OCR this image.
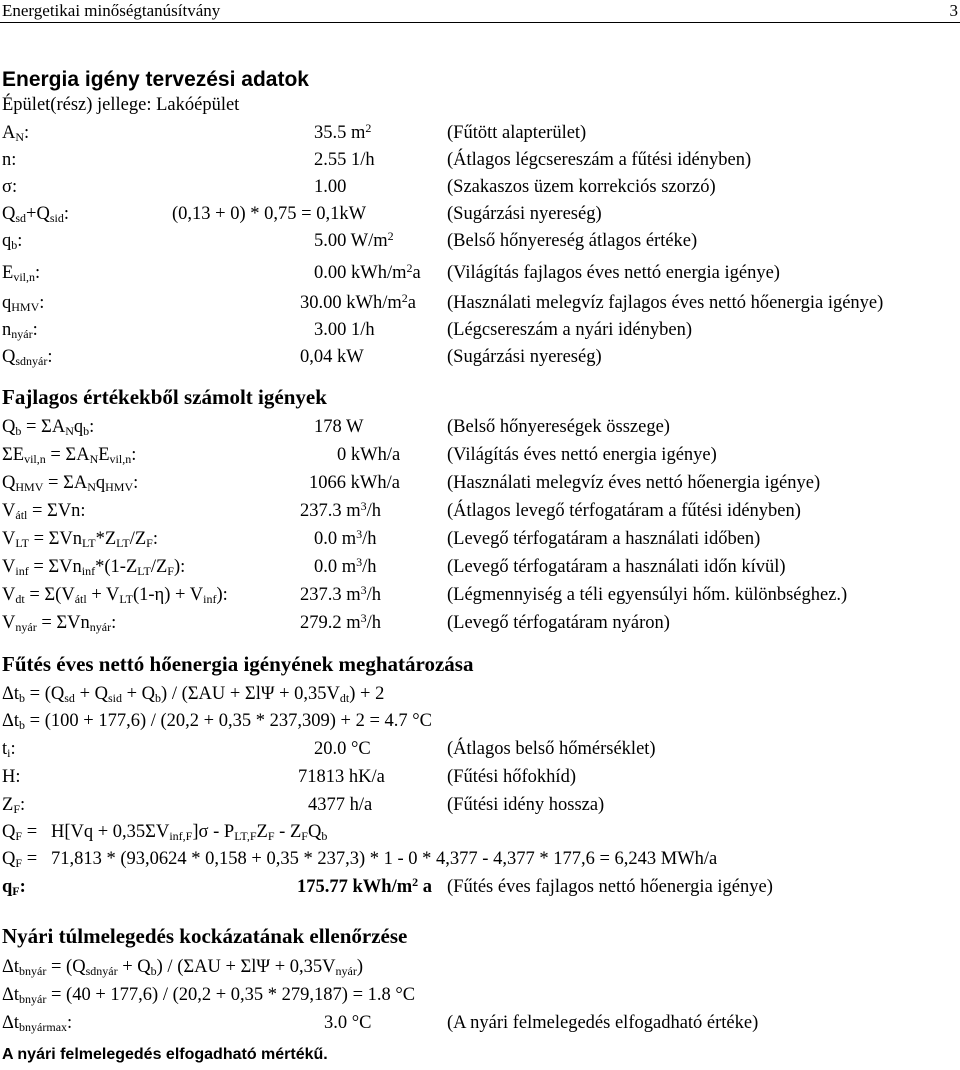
Energetikai minőségtanúsítvány	3
Energia igény tervezési adatok
Épület(rész) jellege: Lakóépület
$A_N$:	35.5 $m^2$	(Fűtött alapterület)
n:	2.55 1/h	(Átlagos légcsereszám a fűtési idényben)
σ:	1.00	(Szakaszos üzem korrekciós szorzó)
$Q_{sd}+Q_{sid}$:	(0,13 + 0) * 0,75 = 0,1kW	(Sugárzási nyereség)
$q_b$:	5.00 $W/m^2$	(Belső hőnyereség átlagos értéke)
$E_{vil,n}$:	0.00 kWh/$m^2a$ (Világítás fajlagos éves nettó energia igénye)
$q_{HMV}$:	30.00 kWh/$m^2a$ (Használati melegvíz fajlagos éves nettó hőenergia igénye)
$n_{nyár}$:	3.00 1/h	(Légcsereszám a nyári idényben)
$Q_{sdnyár}$:	0,04 kW	(Sugárzási nyereség)
Fajlagos értékekből számolt igények
$Q_b = \Sigma A_Nq_b$:	178 W	(Belső hőnyereségek összege)
$\Sigma E_{vil,n} = \Sigma A_NE_{vil,n}$:	0 kWh/a	(Világítás éves nettó energia igénye)
$Q_{HMV} = \Sigma A_Nq_{HMV}$:	1066 kWh/a	(Használati melegvíz éves nettó hőenergia igénye)
$V_{átl} = \Sigma Vn$:	237.3 $m^3/h$	(Átlagos levegő térfogatáram a fűtési idényben)
$V_{LT} = \Sigma Vn_{LT}*Z_{LT}/Z_F$:	0.0 $m^3/h$	(Levegő térfogatáram a használati időben)
$V_{inf} = \Sigma Vn_{inf}*(1-Z_{LT}/Z_F)$:	0.0 $m^3/h$	(Levegő térfogatáram a használati időn kívül)
$V_{dt} = \Sigma(V_{átl} + V_{LT}(1-\eta) + V_{inf})$:	237.3 $m^3/h$	(Légmennyiség a téli egyensúlyi hőm. különbséghez.)
$V_{nyár} = \Sigma Vn_{nyár}$:	279.2 $m^3/h$	(Levegő térfogatáram nyáron)
Fűtés éves nettó hőenergia igényének meghatározása
$\Delta t_b = (Q_{sd} + Q_{sid} + Q_b) / (\Sigma AU + \Sigma l\Psi + 0,35V_{dt}) + 2$
$\Delta t_b = (100 + 177,6) / (20,2 + 0,35 * 237,309) + 2 = 4.7$ °C
$t_i$:	20.0 °C	(Átlagos belső hőmérséklet)
H:	71813 hK/a	(Fűtési hőfokhíd)
$Z_F$:	4377 h/a	(Fűtési idény hossza)
$Q_F = H[Vq + 0,35\Sigma V_{inf,F}]\sigma - P_{LT,F}Z_F - Z_FQ_b$
$Q_F = 71,813 * (93,0624 * 0,158 + 0,35 * 237,3) * 1 - 0 * 4,377 - 4,377 * 177,6 = 6,243$ MWh/a
$q_F$:	175.77 kWh/$m^2$ a (Fűtés éves fajlagos nettó hőenergia igénye)
Nyári túlmelegedés kockázatának ellenőrzése
$\Delta t_{bnyár} = (Q_{sdnyár} + Q_b) / (\Sigma AU + \Sigma l\Psi + 0,35V_{nyár})$
$\Delta t_{bnyár} = (40 + 177,6) / (20,2 + 0,35 * 279,187) = 1.8$ °C
$\Delta t_{bnyármax}$:	3.0 °C	(A nyári felmelegedés elfogadható értéke)
A nyári felmelegedés elfogadható mértékű.
